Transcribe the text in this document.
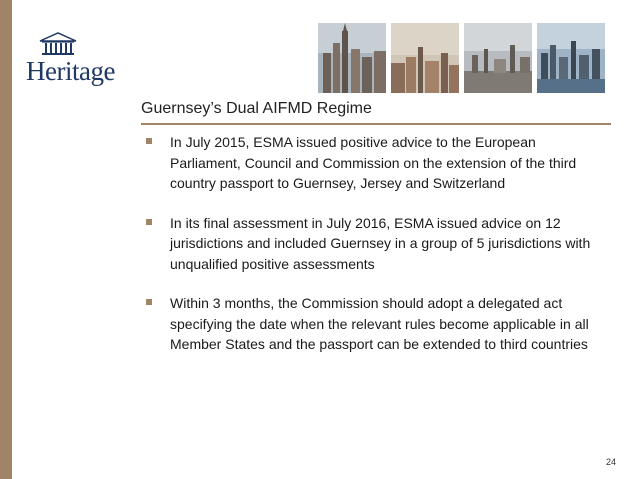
Heritage
Guernsey’s Dual AIFMD Regime
In July 2015, ESMA issued positive advice to the European Parliament, Council and Commission on the extension of the third country passport to Guernsey, Jersey and Switzerland
In its final assessment in July 2016, ESMA issued advice on 12 jurisdictions and included Guernsey in a group of 5 jurisdictions with unqualified positive assessments
Within 3 months, the Commission should adopt a delegated act specifying the date when the relevant rules become applicable in all Member States and the passport can be extended to third countries
24
